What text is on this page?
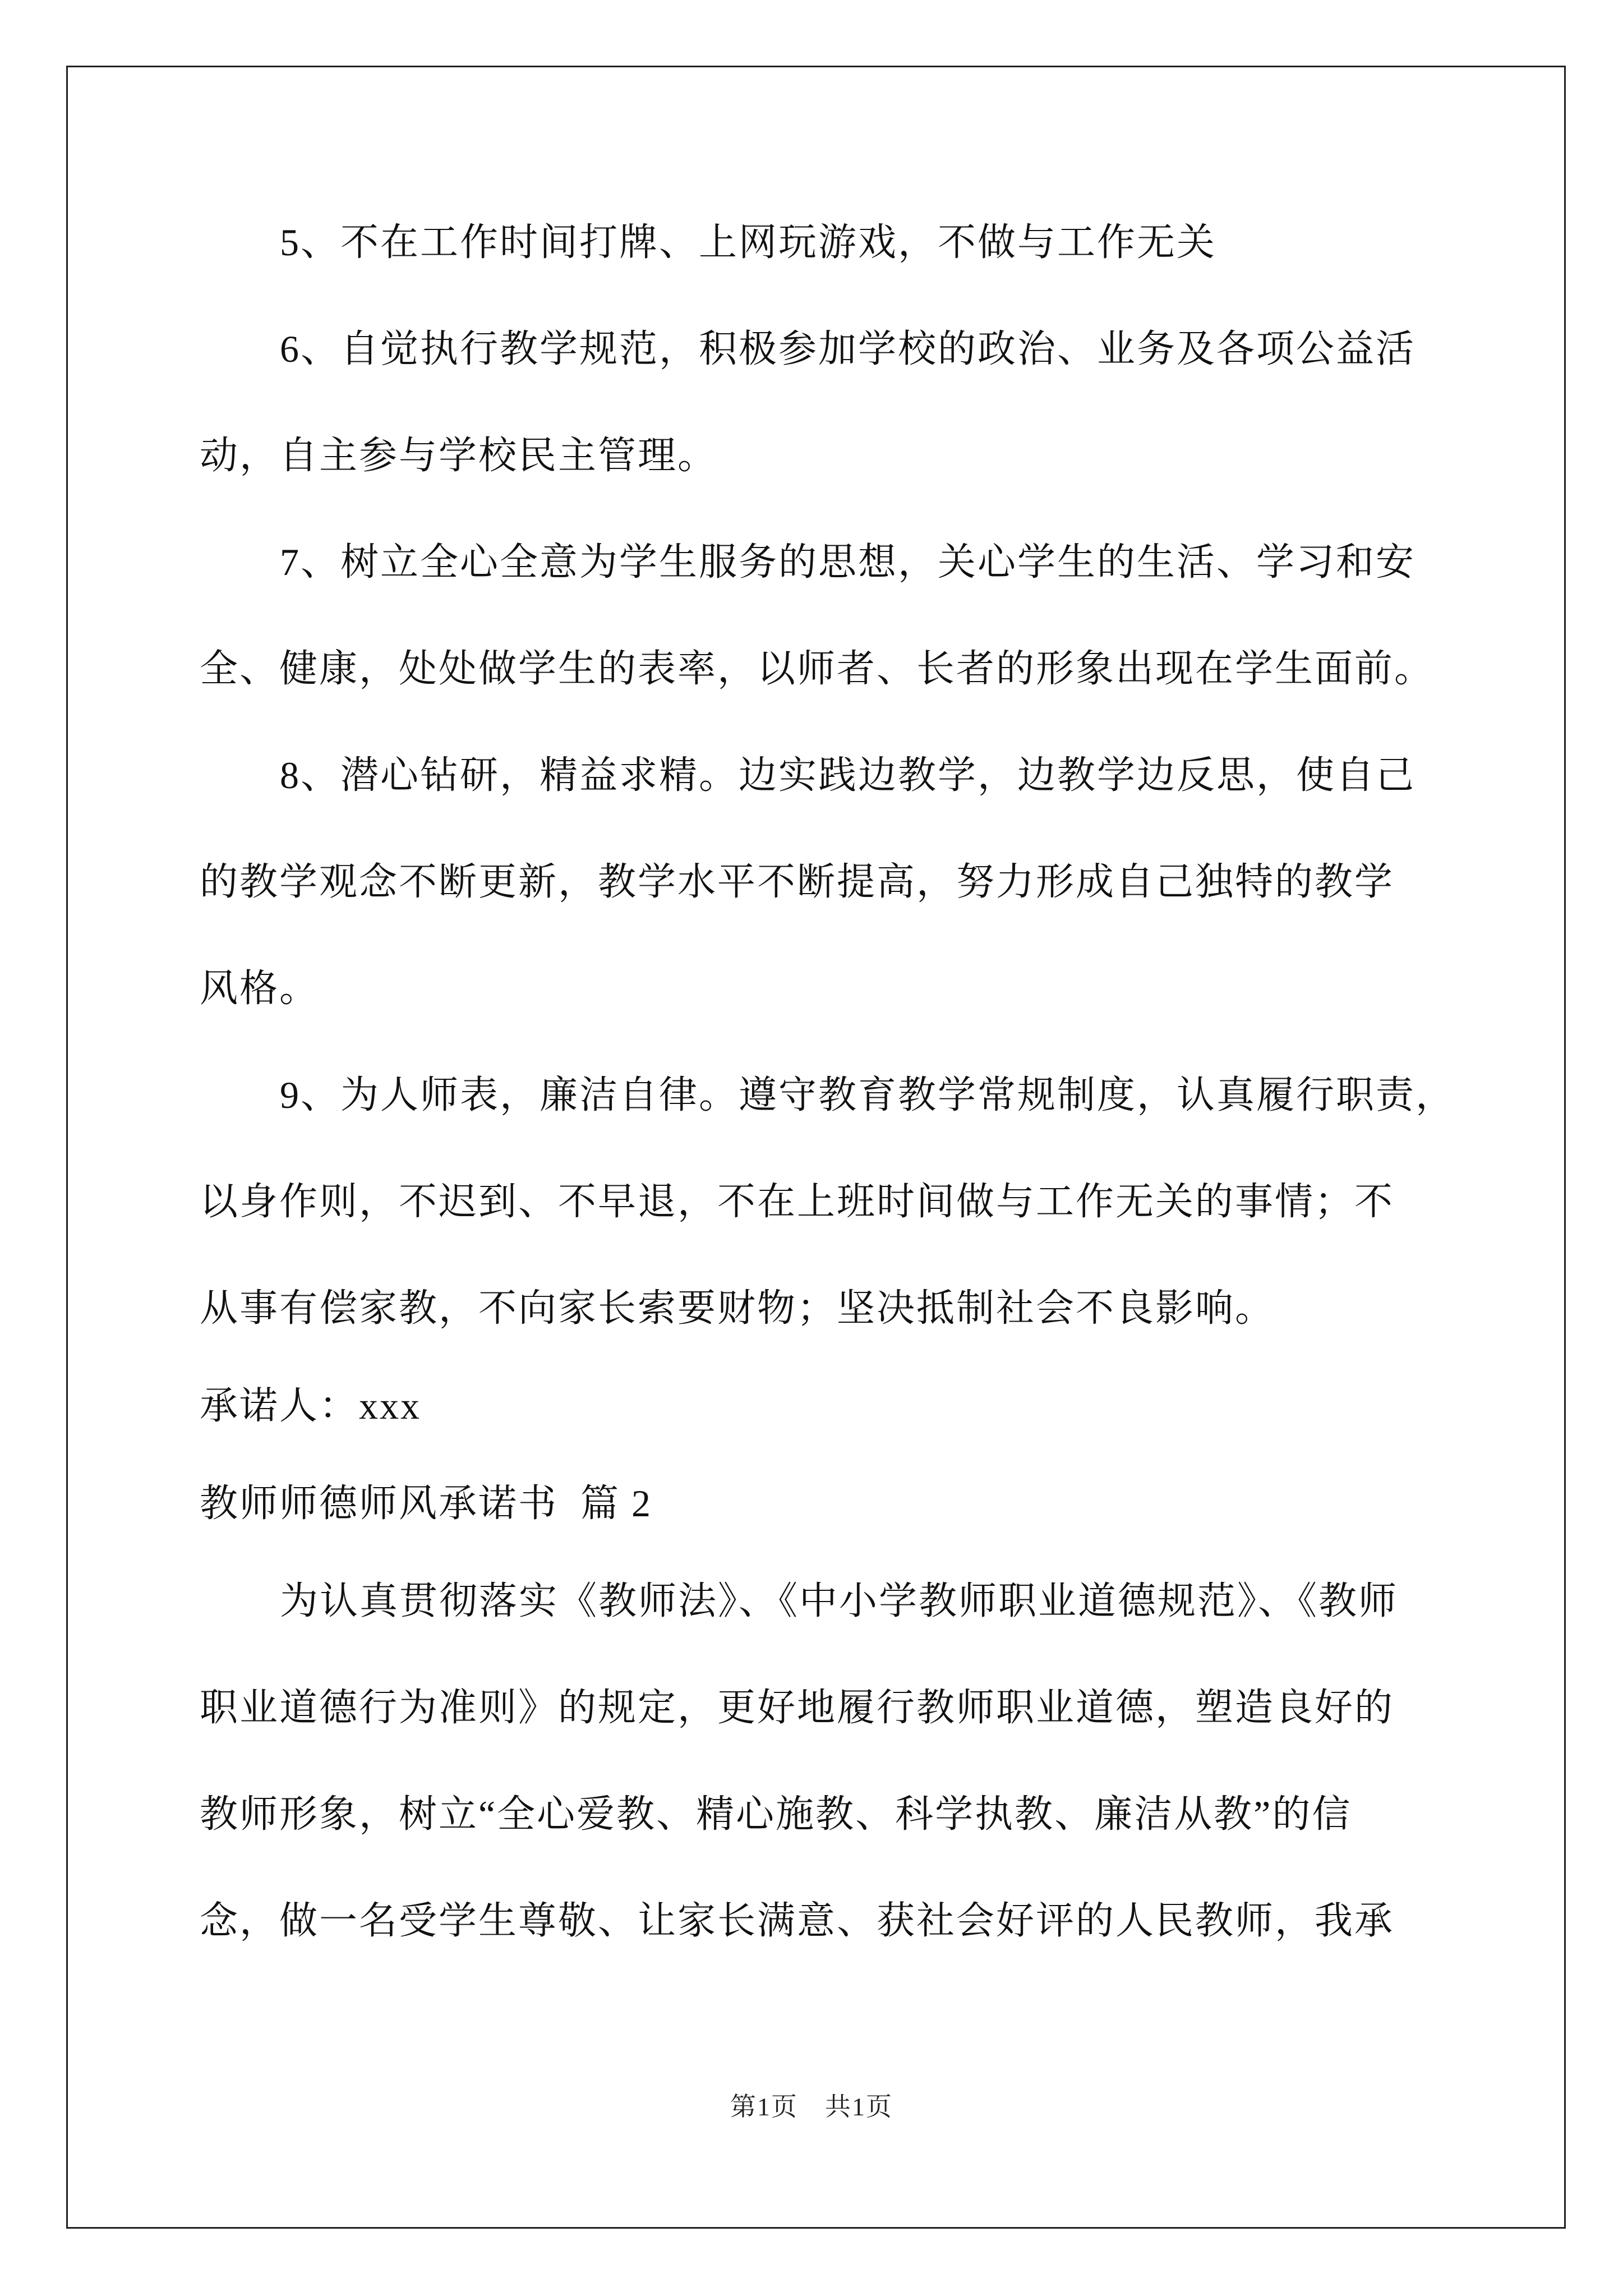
5、不在工作时间打牌、上网玩游戏，不做与工作无关
6、自觉执行教学规范，积极参加学校的政治、业务及各项公益活
动，自主参与学校民主管理。
7、树立全心全意为学生服务的思想，关心学生的生活、学习和安
全、健康，处处做学生的表率，以师者、长者的形象出现在学生面前。
8、潜心钻研，精益求精。边实践边教学，边教学边反思，使自己
的教学观念不断更新，教学水平不断提高，努力形成自己独特的教学
风格。
9、为人师表，廉洁自律。遵守教育教学常规制度，认真履行职责，
以身作则，不迟到、不早退，不在上班时间做与工作无关的事情；不
从事有偿家教，不向家长索要财物；坚决抵制社会不良影响。
承诺人：xxx
教师师德师风承诺书  篇 2
为认真贯彻落实《教师法》、《中小学教师职业道德规范》、《教师
职业道德行为准则》的规定，更好地履行教师职业道德，塑造良好的
教师形象，树立“全心爱教、精心施教、科学执教、廉洁从教”的信
念，做一名受学生尊敬、让家长满意、获社会好评的人民教师，我承
第1页　共1页
